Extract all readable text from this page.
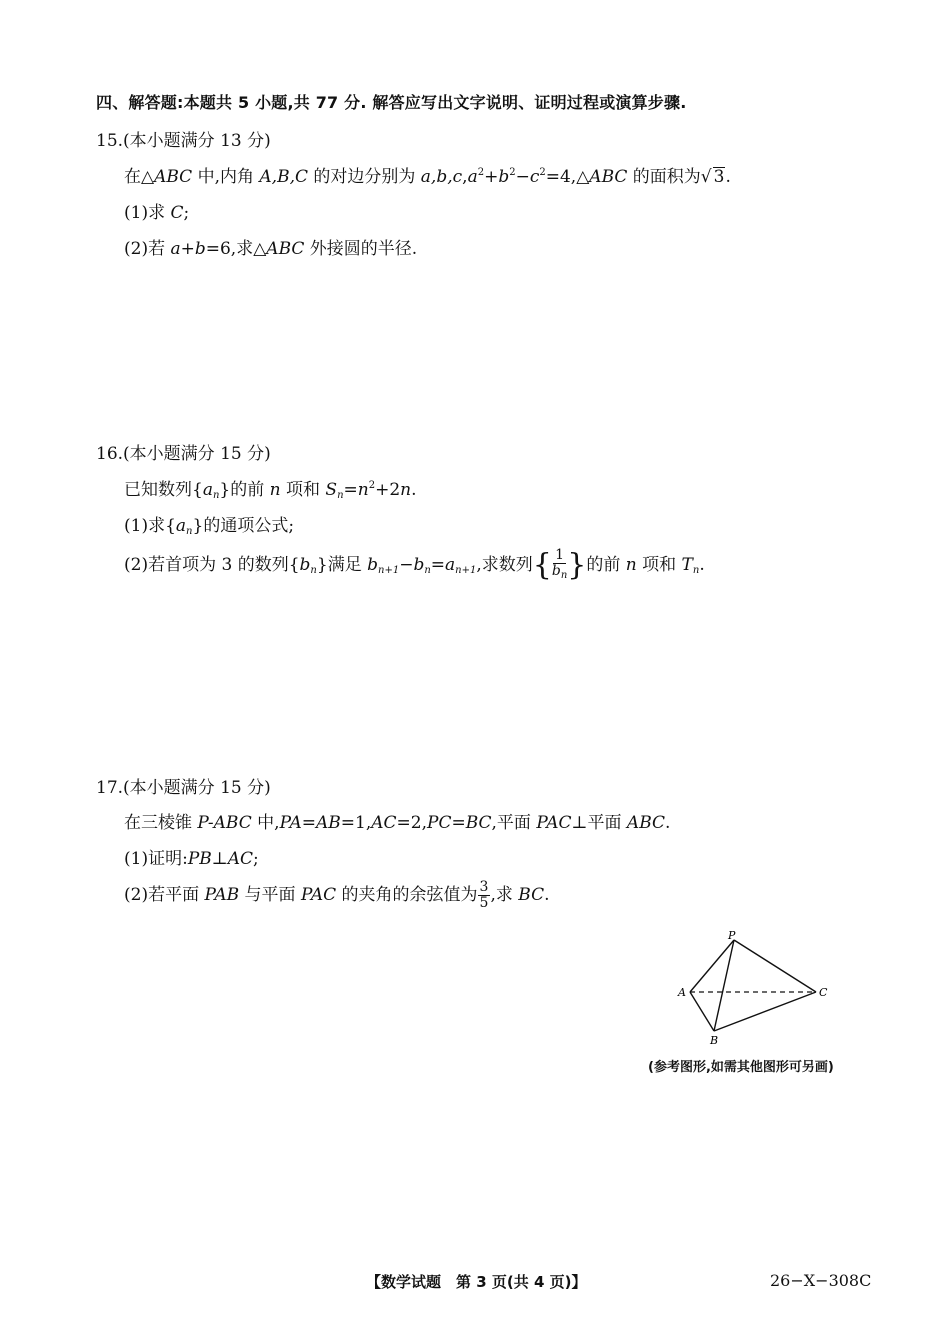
四、解答题:本题共 5 小题,共 77 分. 解答应写出文字说明、证明过程或演算步骤.
15.(本小题满分 13 分)
在△ABC 中,内角 A,B,C 的对边分别为 $a,b,c,a^2+b^2-c^2=4,\triangle ABC$ 的面积为√ 3.
(1)求 C;
(2)若 a+b=6,求△ABC 外接圆的半径.
16.(本小题满分 15 分)
已知数列$\{a_n\}$的前 n 项和 $S_n=n^2+2n$.
(1)求$\{a_n\}$的通项公式;
(2)若首项为 3 的数列$\{b_n\}$满足 $b_{n+1}-b_n=a_{n+1}$,求数列{ $\frac{1}{b_n}$ }的前 n 项和 $T_n$.
17.(本小题满分 15 分)
在三棱锥 P-ABC 中,PA=AB=1,AC=2,PC=BC,平面 PAC⊥平面 ABC.
(1)证明:PB⊥AC;
(2)若平面 PAB 与平面 PAC 的夹角的余弦值为 $\frac{3}{5}$ ,求 BC.
P
A
B
C
(参考图形,如需其他图形可另画)
【数学试题　第 3 页(共 4 页)】	26−X−308C
